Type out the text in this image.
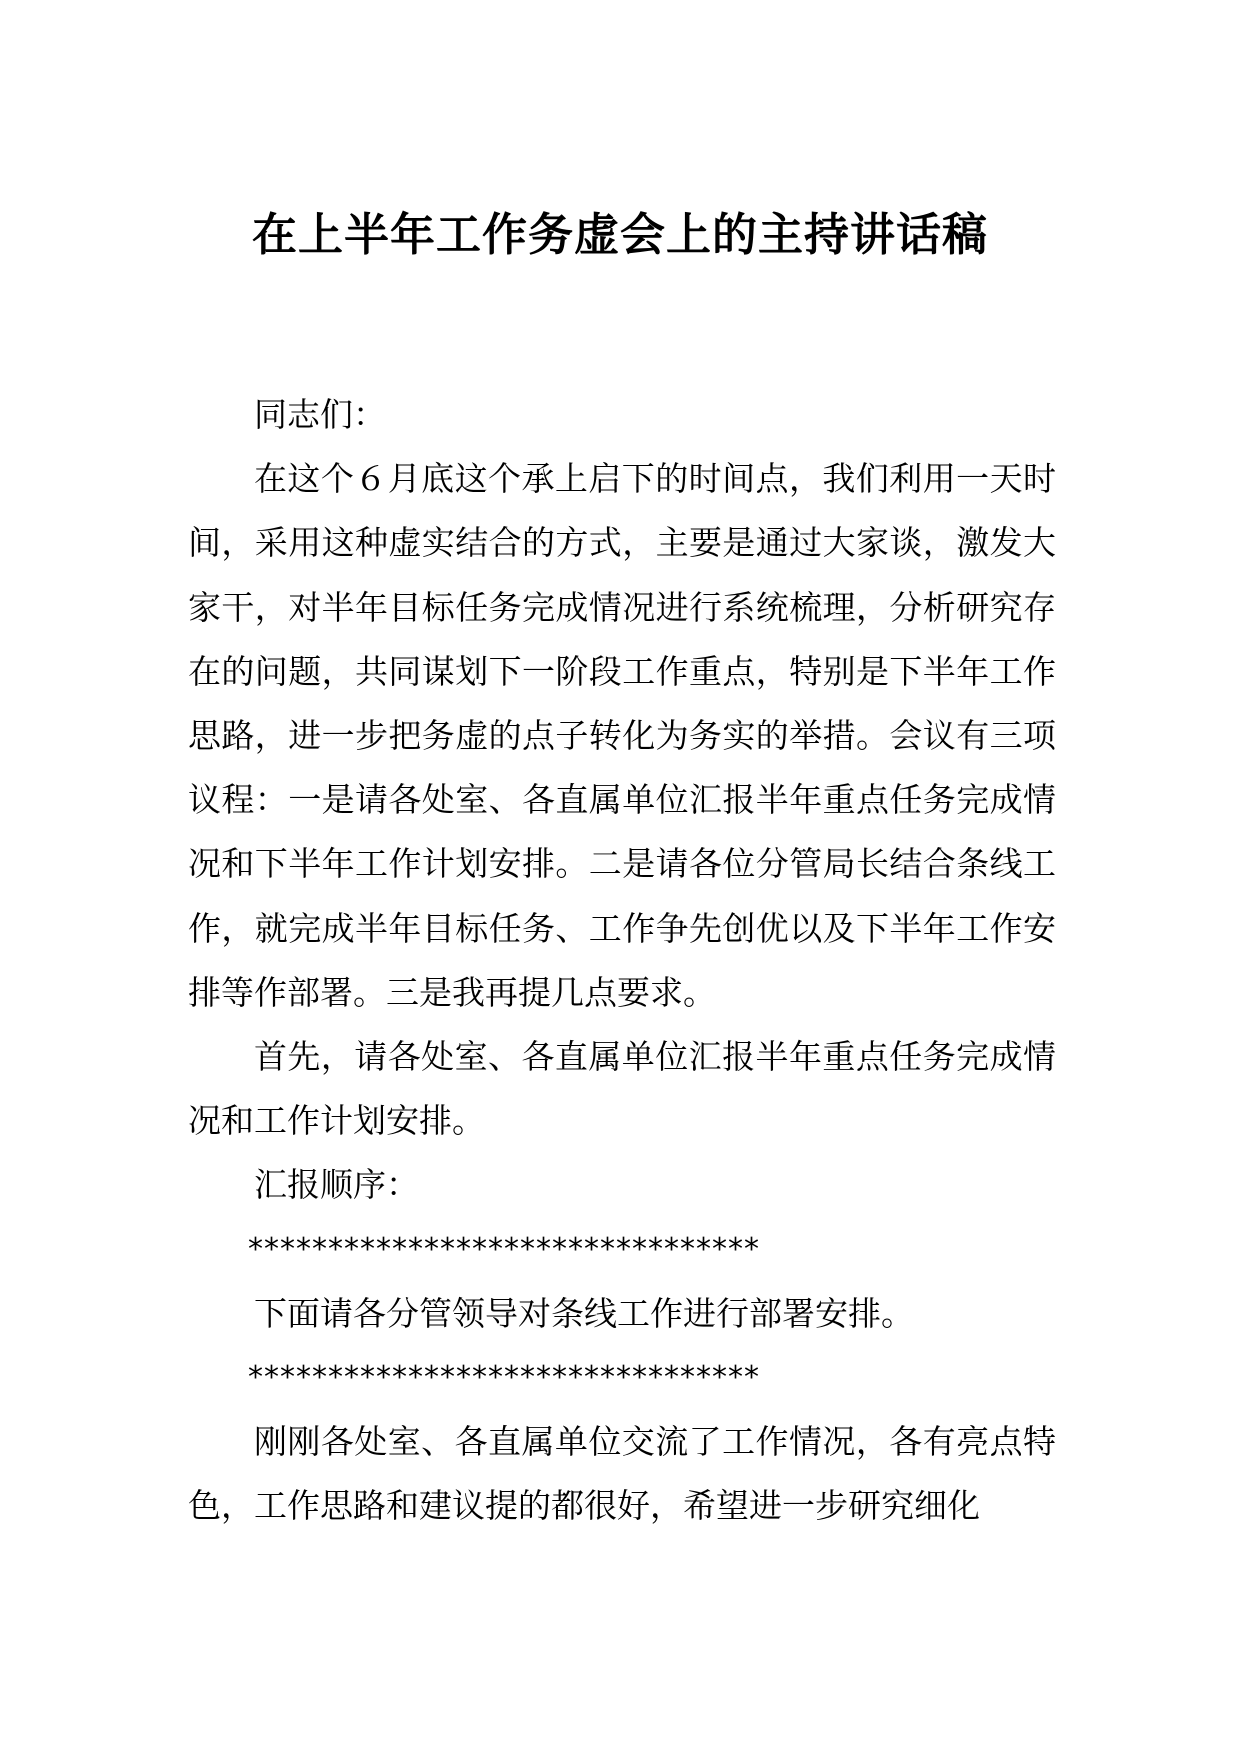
在上半年工作务虚会上的主持讲话稿

同志们：

在这个６月底这个承上启下的时间点，我们利用一天时间，采用这种虚实结合的方式，主要是通过大家谈，激发大家干，对半年目标任务完成情况进行系统梳理，分析研究存在的问题，共同谋划下一阶段工作重点，特别是下半年工作思路，进一步把务虚的点子转化为务实的举措。会议有三项议程：一是请各处室、各直属单位汇报半年重点任务完成情况和下半年工作计划安排。二是请各位分管局长结合条线工作，就完成半年目标任务、工作争先创优以及下半年工作安排等作部署。三是我再提几点要求。

首先，请各处室、各直属单位汇报半年重点任务完成情况和工作计划安排。

汇报顺序：

********************************

下面请各分管领导对条线工作进行部署安排。

********************************

刚刚各处室、各直属单位交流了工作情况，各有亮点特色，工作思路和建议提的都很好，希望进一步研究细化
